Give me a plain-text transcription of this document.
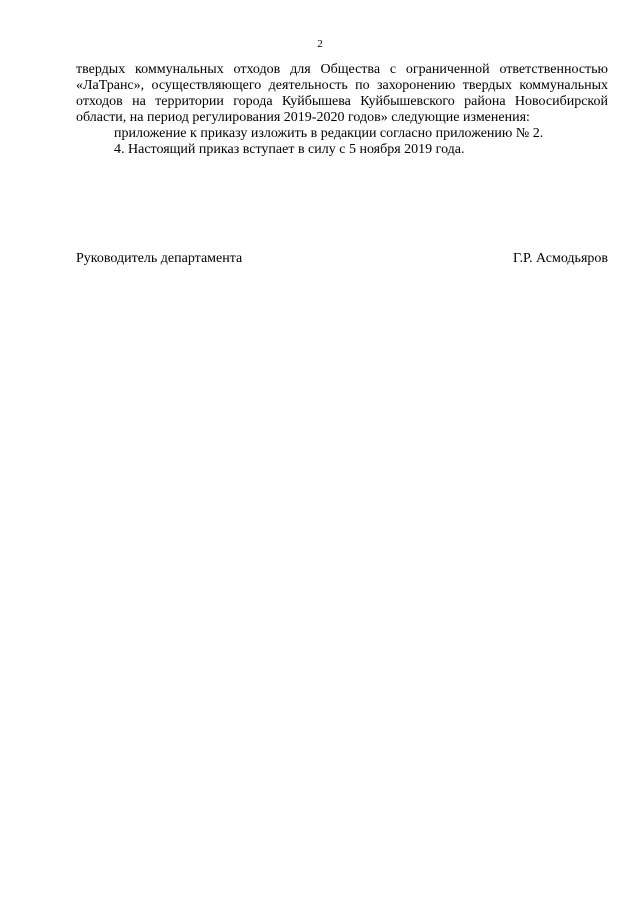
2

твердых коммунальных отходов для Общества с ограниченной ответственностью «ЛаТранс», осуществляющего деятельность по захоронению твердых коммунальных отходов на территории города Куйбышева Куйбышевского района Новосибирской области, на период регулирования 2019-2020 годов» следующие изменения:

приложение к приказу изложить в редакции согласно приложению № 2.

4. Настоящий приказ вступает в силу с 5 ноября 2019 года.

Руководитель департамента	Г.Р. Асмодьяров
